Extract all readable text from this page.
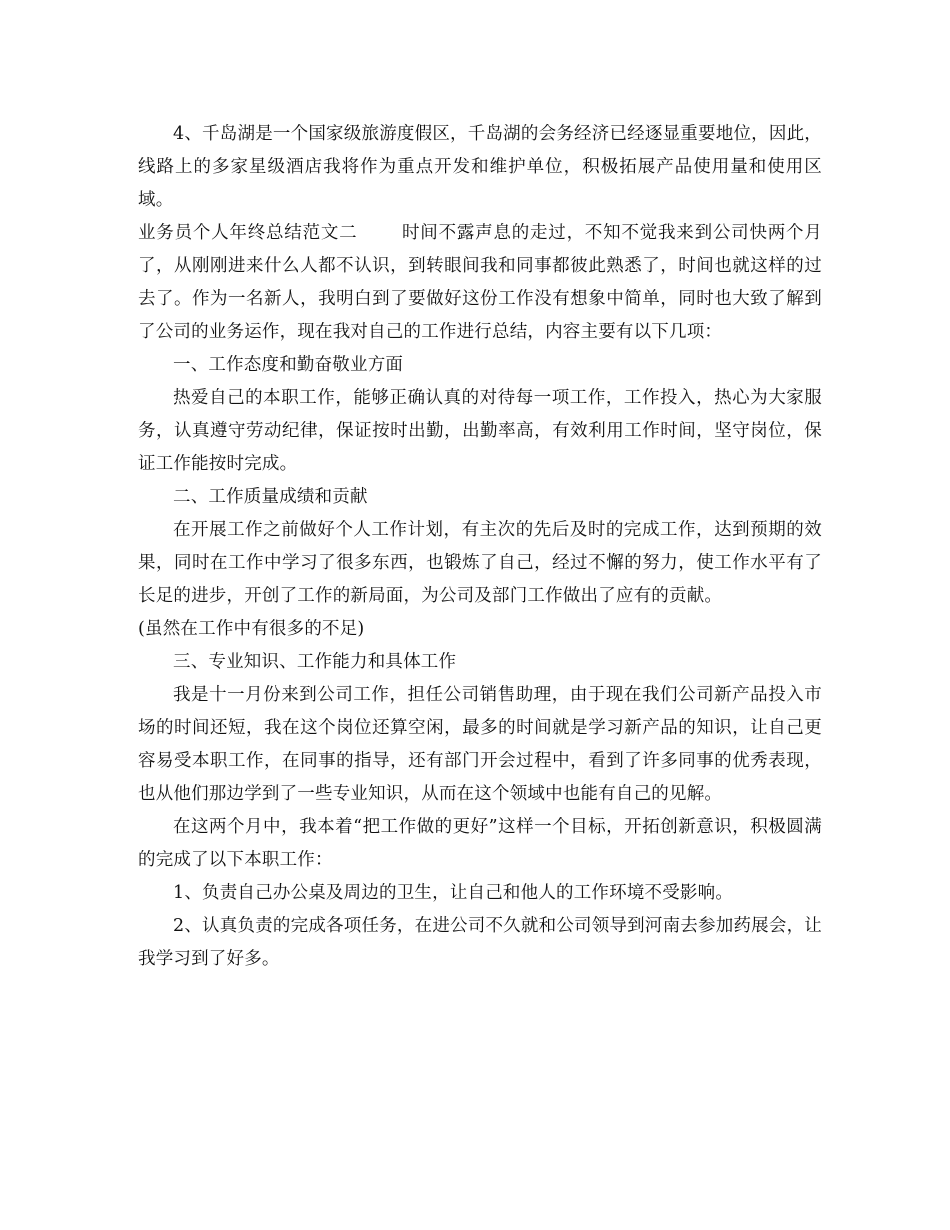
4、千岛湖是一个国家级旅游度假区，千岛湖的会务经济已经逐显重要地位，因此，线路上的多家星级酒店我将作为重点开发和维护单位，积极拓展产品使用量和使用区域。

业务员个人年终总结范文二	时间不露声息的走过，不知不觉我来到公司快两个月了，从刚刚进来什么人都不认识，到转眼间我和同事都彼此熟悉了，时间也就这样的过去了。作为一名新人，我明白到了要做好这份工作没有想象中简单，同时也大致了解到了公司的业务运作，现在我对自己的工作进行总结，内容主要有以下几项：

一、工作态度和勤奋敬业方面

热爱自己的本职工作，能够正确认真的对待每一项工作，工作投入，热心为大家服务，认真遵守劳动纪律，保证按时出勤，出勤率高，有效利用工作时间，坚守岗位，保证工作能按时完成。

二、工作质量成绩和贡献

在开展工作之前做好个人工作计划，有主次的先后及时的完成工作，达到预期的效果，同时在工作中学习了很多东西，也锻炼了自己，经过不懈的努力，使工作水平有了长足的进步，开创了工作的新局面，为公司及部门工作做出了应有的贡献。

(虽然在工作中有很多的不足)

三、专业知识、工作能力和具体工作

我是十一月份来到公司工作，担任公司销售助理，由于现在我们公司新产品投入市场的时间还短，我在这个岗位还算空闲，最多的时间就是学习新产品的知识，让自己更容易受本职工作，在同事的指导，还有部门开会过程中，看到了许多同事的优秀表现，也从他们那边学到了一些专业知识，从而在这个领域中也能有自己的见解。

在这两个月中，我本着“把工作做的更好”这样一个目标，开拓创新意识，积极圆满的完成了以下本职工作：

1、负责自己办公桌及周边的卫生，让自己和他人的工作环境不受影响。

2、认真负责的完成各项任务，在进公司不久就和公司领导到河南去参加药展会，让我学习到了好多。
